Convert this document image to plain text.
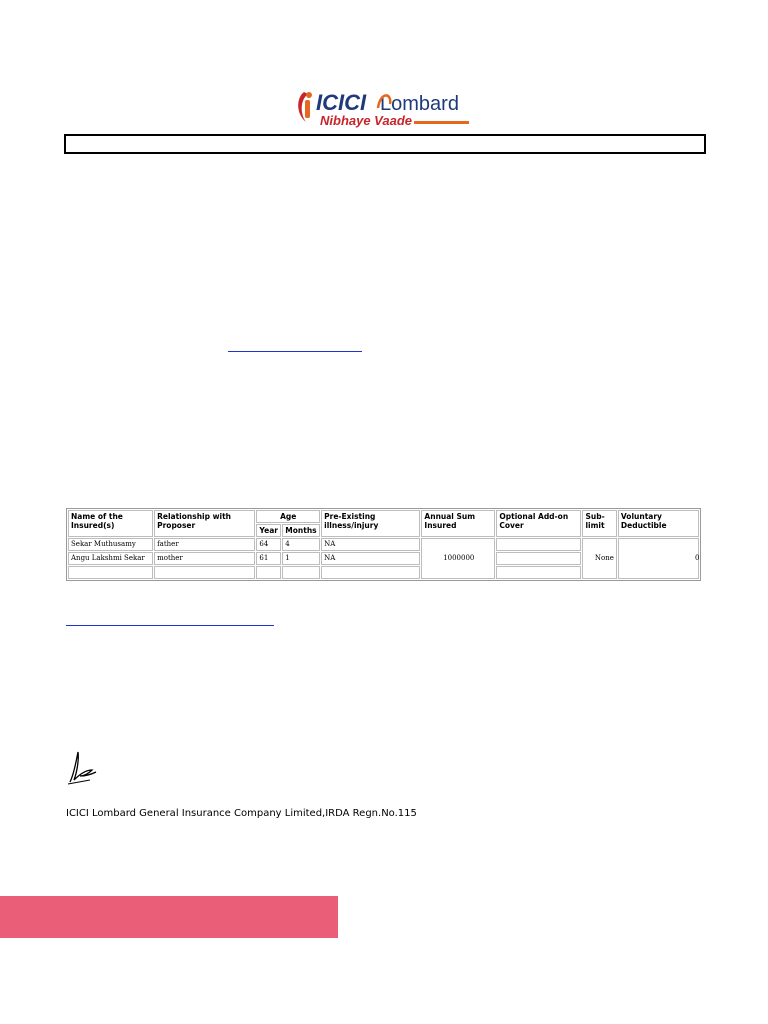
ICICI Lombard
Nibhaye Vaade
Name of the Insured(s)	Relationship with Proposer	Age		Pre-Existing illness/injury	Annual Sum Insured	Optional Add-on Cover	Sub-limit	Voluntary Deductible
		Year	Months					
Sekar Muthusamy	father	64	4	NA	1000000		None	0
Angu Lakshmi Sekar	mother	61	1	NA				

ICICI Lombard General Insurance Company Limited,IRDA Regn.No.115
